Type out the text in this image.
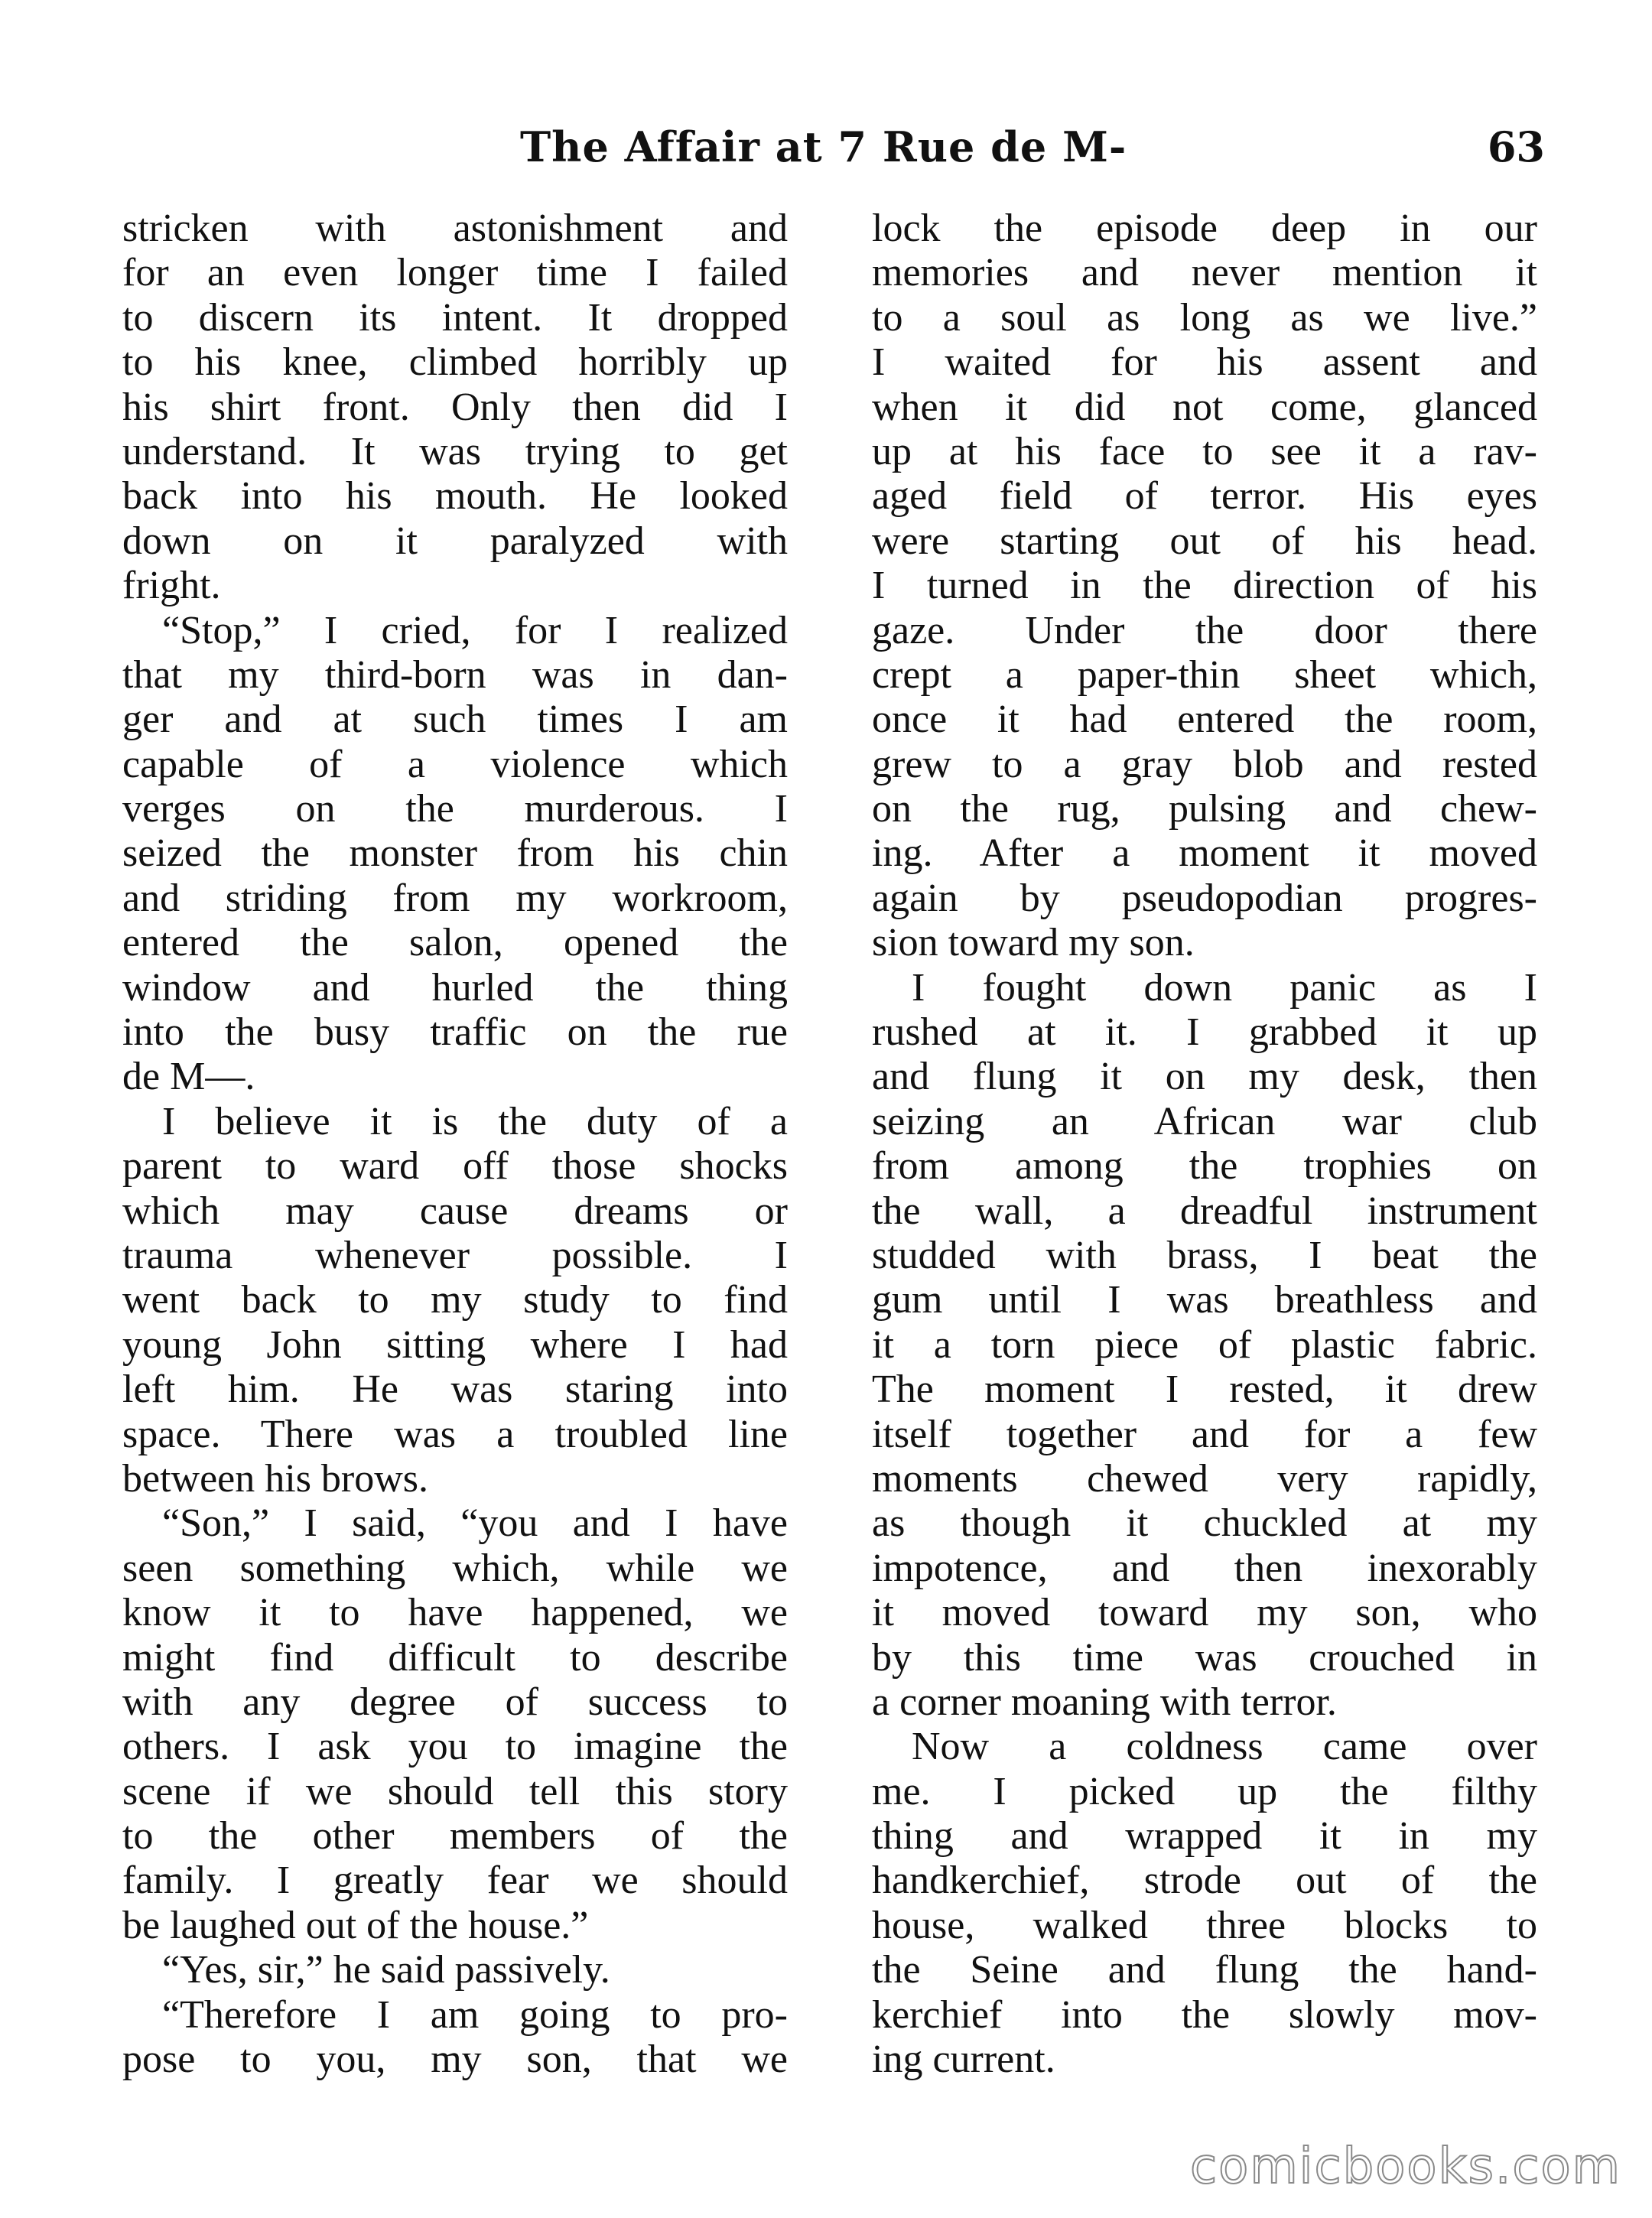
The Affair at 7 Rue de M-	63
stricken with astonishment and
for an even longer time I failed
to discern its intent. It dropped
to his knee, climbed horribly up
his shirt front. Only then did I
understand. It was trying to get
back into his mouth. He looked
down on it paralyzed with
fright.
“Stop,” I cried, for I realized
that my third-born was in dan-
ger and at such times I am
capable of a violence which
verges on the murderous. I
seized the monster from his chin
and striding from my workroom,
entered the salon, opened the
window and hurled the thing
into the busy traffic on the rue
de M—.
I believe it is the duty of a
parent to ward off those shocks
which may cause dreams or
trauma whenever possible. I
went back to my study to find
young John sitting where I had
left him. He was staring into
space. There was a troubled line
between his brows.
“Son,” I said, “you and I have
seen something which, while we
know it to have happened, we
might find difficult to describe
with any degree of success to
others. I ask you to imagine the
scene if we should tell this story
to the other members of the
family. I greatly fear we should
be laughed out of the house.”
“Yes, sir,” he said passively.
“Therefore I am going to pro-
pose to you, my son, that we
lock the episode deep in our
memories and never mention it
to a soul as long as we live.”
I waited for his assent and
when it did not come, glanced
up at his face to see it a rav-
aged field of terror. His eyes
were starting out of his head.
I turned in the direction of his
gaze. Under the door there
crept a paper-thin sheet which,
once it had entered the room,
grew to a gray blob and rested
on the rug, pulsing and chew-
ing. After a moment it moved
again by pseudopodian progres-
sion toward my son.
I fought down panic as I
rushed at it. I grabbed it up
and flung it on my desk, then
seizing an African war club
from among the trophies on
the wall, a dreadful instrument
studded with brass, I beat the
gum until I was breathless and
it a torn piece of plastic fabric.
The moment I rested, it drew
itself together and for a few
moments chewed very rapidly,
as though it chuckled at my
impotence, and then inexorably
it moved toward my son, who
by this time was crouched in
a corner moaning with terror.
Now a coldness came over
me. I picked up the filthy
thing and wrapped it in my
handkerchief, strode out of the
house, walked three blocks to
the Seine and flung the hand-
kerchief into the slowly mov-
ing current.
comicbooks.com
